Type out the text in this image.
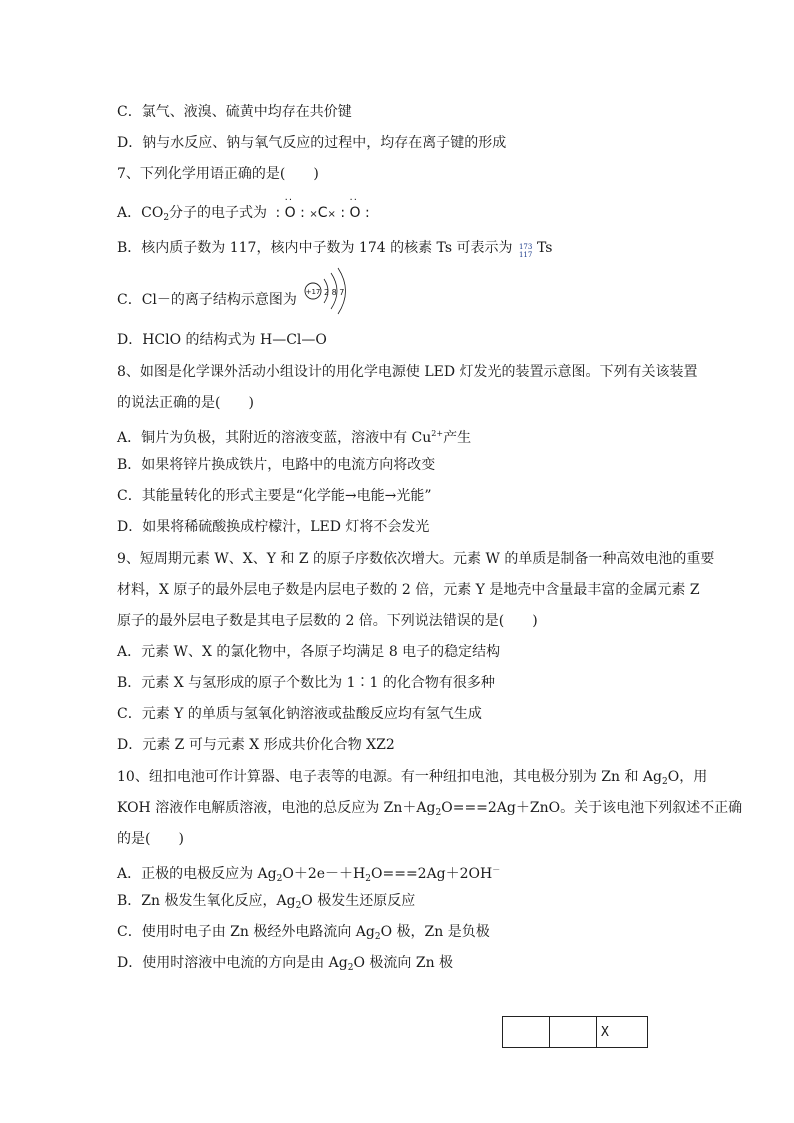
C．氯气、液溴、硫黄中均存在共价键
D．钠与水反应、钠与氧气反应的过程中，均存在离子键的形成
7、下列化学用语正确的是(　　)
A．$CO_2$分子的电子式为 :
··
O : ×C× :
··
O :
B．核内质子数为 117，核内中子数为 174 的核素 Ts 可表示为 173
117 Ts
C．Cl－的离子结构示意图为 +17 2 8 7
D．HClO 的结构式为 H—Cl—O
8、如图是化学课外活动小组设计的用化学电源使 LED 灯发光的装置示意图。下列有关该装置
的说法正确的是(　　)
A．铜片为负极，其附近的溶液变蓝，溶液中有 $Cu^{2+}$产生
B．如果将锌片换成铁片，电路中的电流方向将改变
C．其能量转化的形式主要是“化学能→电能→光能”
D．如果将稀硫酸换成柠檬汁，LED 灯将不会发光
9、短周期元素 W、X、Y 和 Z 的原子序数依次增大。元素 W 的单质是制备一种高效电池的重要
材料，X 原子的最外层电子数是内层电子数的 2 倍，元素 Y 是地壳中含量最丰富的金属元素 Z
原子的最外层电子数是其电子层数的 2 倍。下列说法错误的是(　　)
A．元素 W、X 的氯化物中，各原子均满足 8 电子的稳定结构
B．元素 X 与氢形成的原子个数比为 1∶1 的化合物有很多种
C．元素 Y 的单质与氢氧化钠溶液或盐酸反应均有氢气生成
D．元素 Z 可与元素 X 形成共价化合物 XZ2
10、纽扣电池可作计算器、电子表等的电源。有一种纽扣电池，其电极分别为 Zn 和 $Ag_2O$，用
KOH 溶液作电解质溶液，电池的总反应为 $Zn+Ag_2O===2Ag+ZnO$。关于该电池下列叙述不正确
的是(　　)
A．正极的电极反应为 $Ag_2O+2e-+H_2O===2Ag+2OH^-$
B．Zn 极发生氧化反应，$Ag_2O$ 极发生还原反应
C．使用时电子由 Zn 极经外电路流向 $Ag_2O$ 极，Zn 是负极
D．使用时溶液中电流的方向是由 $Ag_2O$ 极流向 Zn 极
		X
